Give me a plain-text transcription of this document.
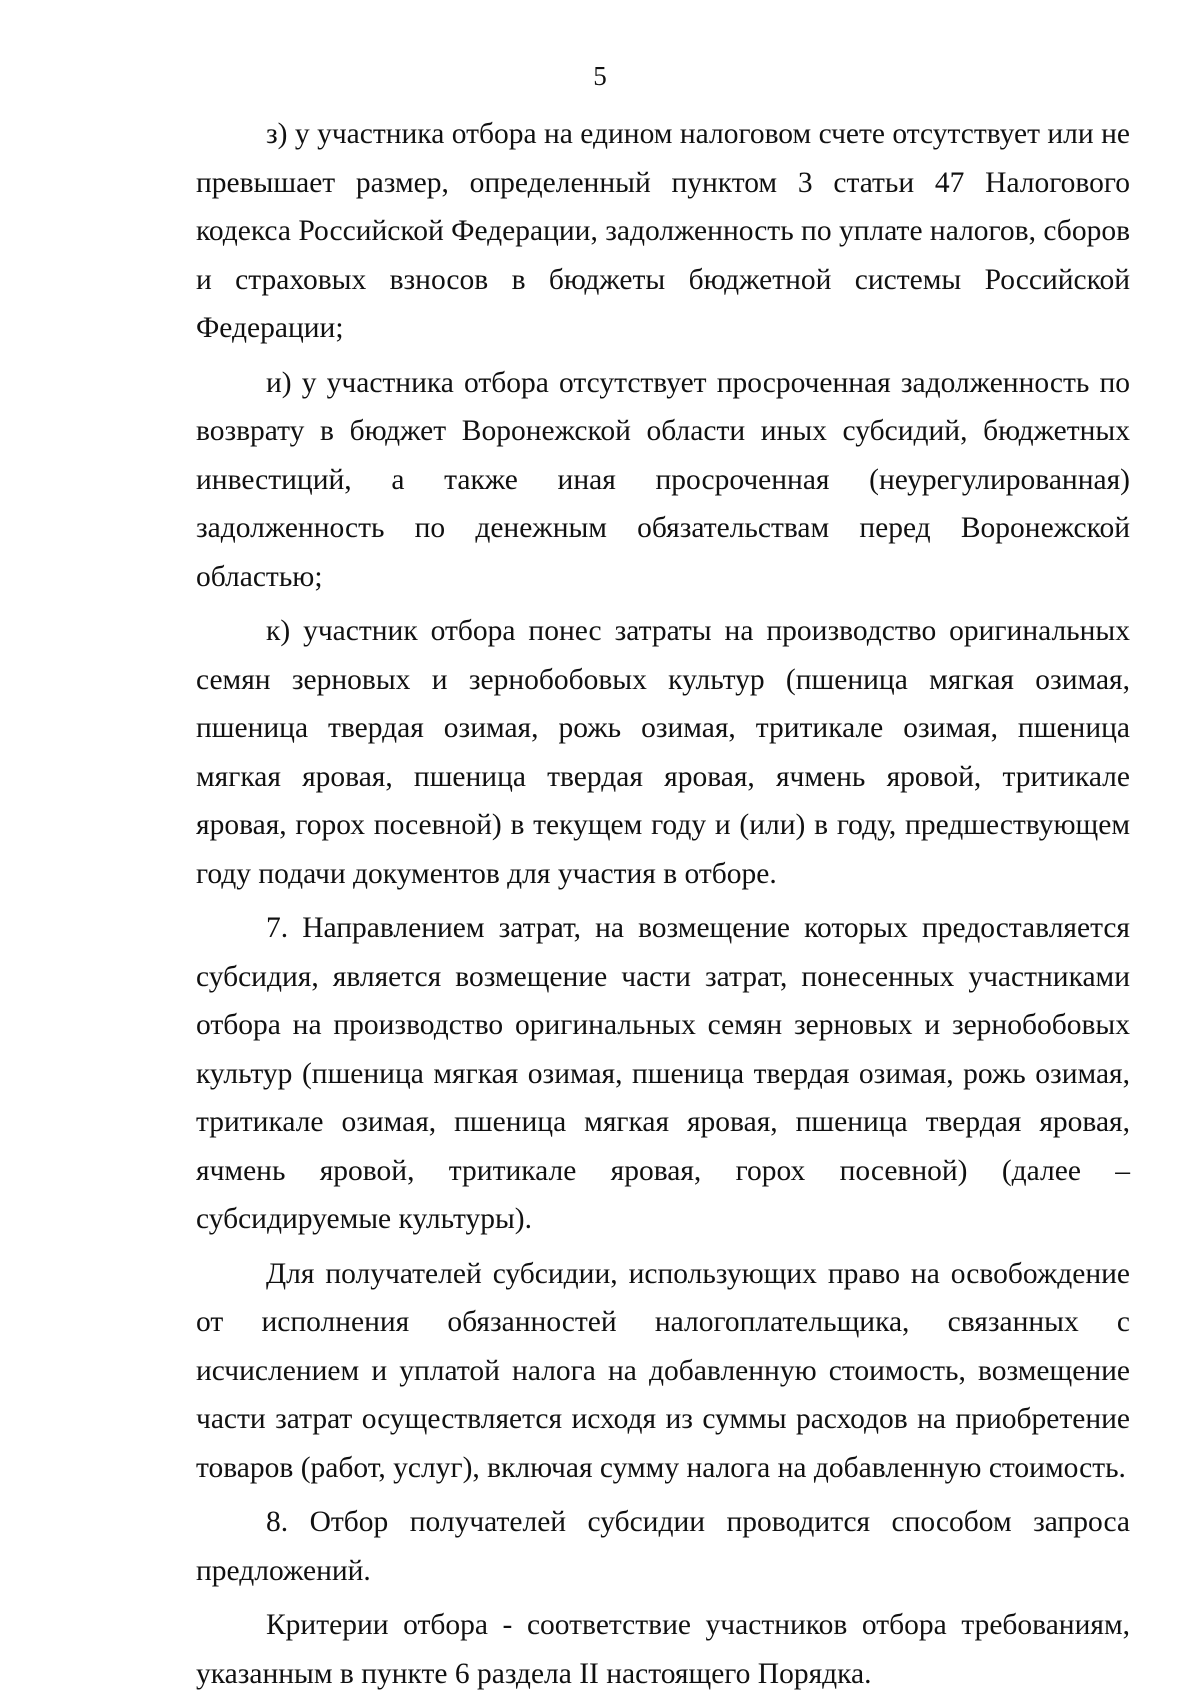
5

з) у участника отбора на едином налоговом счете отсутствует или не превышает размер, определенный пунктом 3 статьи 47 Налогового кодекса Российской Федерации, задолженность по уплате налогов, сборов и страховых взносов в бюджеты бюджетной системы Российской Федерации;

и) у участника отбора отсутствует просроченная задолженность по возврату в бюджет Воронежской области иных субсидий, бюджетных инвестиций, а также иная просроченная (неурегулированная) задолженность по денежным обязательствам перед Воронежской областью;

к) участник отбора понес затраты на производство оригинальных семян зерновых и зернобобовых культур (пшеница мягкая озимая, пшеница твердая озимая, рожь озимая, тритикале озимая, пшеница мягкая яровая, пшеница твердая яровая, ячмень яровой, тритикале яровая, горох посевной) в текущем году и (или) в году, предшествующем году подачи документов для участия в отборе.

7. Направлением затрат, на возмещение которых предоставляется субсидия, является возмещение части затрат, понесенных участниками отбора на производство оригинальных семян зерновых и зернобобовых культур (пшеница мягкая озимая, пшеница твердая озимая, рожь озимая, тритикале озимая, пшеница мягкая яровая, пшеница твердая яровая, ячмень яровой, тритикале яровая, горох посевной) (далее – субсидируемые культуры).

Для получателей субсидии, использующих право на освобождение от исполнения обязанностей налогоплательщика, связанных с исчислением и уплатой налога на добавленную стоимость, возмещение части затрат осуществляется исходя из суммы расходов на приобретение товаров (работ, услуг), включая сумму налога на добавленную стоимость.

8. Отбор получателей субсидии проводится способом запроса предложений.

Критерии отбора - соответствие участников отбора требованиям, указанным в пункте 6 раздела II настоящего Порядка.
